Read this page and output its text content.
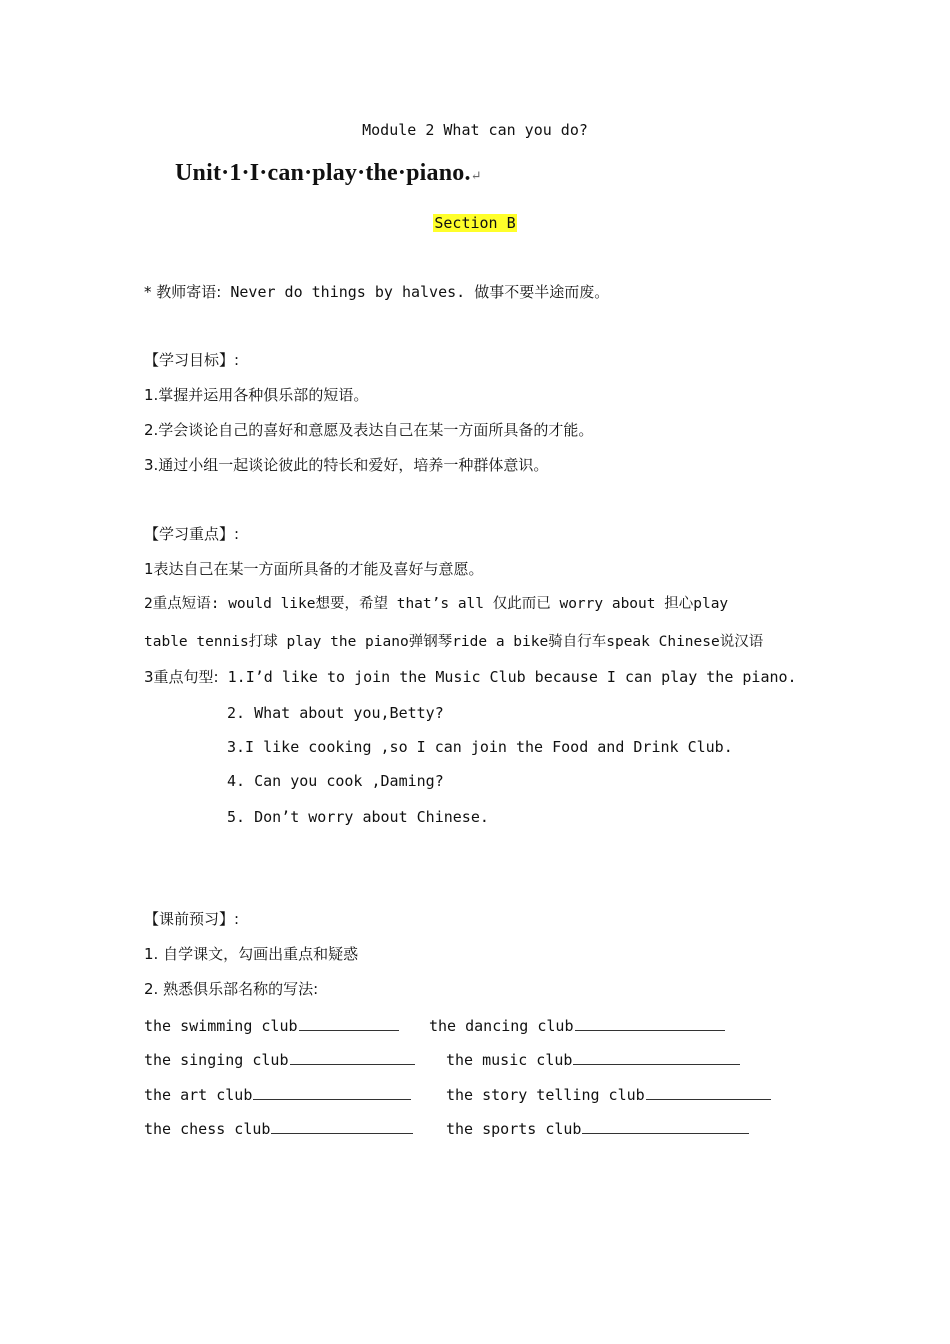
Module 2 What can you do?
Unit·1·I·can·play·the·piano.↵
Section B
* 教师寄语: Never do things by halves. 做事不要半途而废。
【学习目标】:
1.掌握并运用各种俱乐部的短语。
2.学会谈论自己的喜好和意愿及表达自己在某一方面所具备的才能。
3.通过小组一起谈论彼此的特长和爱好，培养一种群体意识。
【学习重点】:
1表达自己在某一方面所具备的才能及喜好与意愿。
2重点短语: would like想要，希望 that’s all 仅此而已 worry about 担心play
table tennis打球 play the piano弹钢琴ride a bike骑自行车speak Chinese说汉语
3重点句型: 1.I’d like to join the Music Club because I can play the piano.
2. What about you,Betty?
3.I like cooking ,so I can join the Food and Drink Club.
4. Can you cook ,Daming?
5. Don’t worry about Chinese.
【课前预习】:
1. 自学课文，勾画出重点和疑惑
2. 熟悉俱乐部名称的写法:
the swimming club	the dancing club
the singing club	the music club
the art club	the story telling club
the chess club	the sports club
